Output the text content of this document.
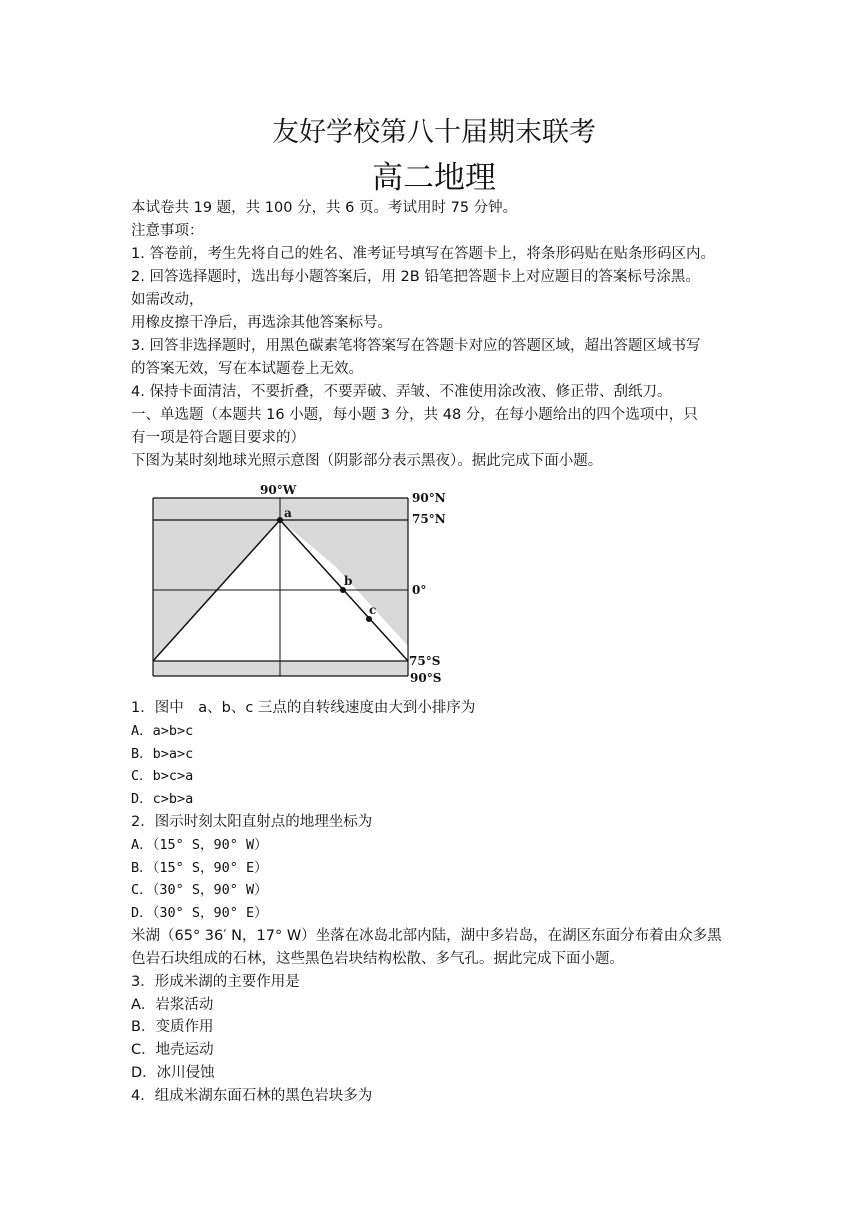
友好学校第八十届期末联考
高二地理
本试卷共 19 题，共 100 分，共 6 页。考试用时 75 分钟。
注意事项：
1. 答卷前，考生先将自己的姓名、准考证号填写在答题卡上，将条形码贴在贴条形码区内。
2. 回答选择题时，选出每小题答案后，用 2B 铅笔把答题卡上对应题目的答案标号涂黑。
如需改动，
用橡皮擦干净后，再选涂其他答案标号。
3. 回答非选择题时，用黑色碳素笔将答案写在答题卡对应的答题区域，超出答题区域书写
的答案无效，写在本试题卷上无效。
4. 保持卡面清洁，不要折叠，不要弄破、弄皱、不准使用涂改液、修正带、刮纸刀。
一、单选题（本题共 16 小题，每小题 3 分，共 48 分，在每小题给出的四个选项中，只
有一项是符合题目要求的）
下图为某时刻地球光照示意图（阴影部分表示黑夜）。据此完成下面小题。
a
b
c
90°W
90°N
75°N
0°
75°S
90°S
1．图中　a、b、c 三点的自转线速度由大到小排序为
A．a>b>c
B．b>a>c
C．b>c>a
D．c>b>a
2．图示时刻太阳直射点的地理坐标为
A．（15° S，90° W）
B．（15° S，90° E）
C．（30° S，90° W）
D．（30° S，90° E）
米湖（65° 36′ N，17° W）坐落在冰岛北部内陆，湖中多岩岛，在湖区东面分布着由众多黑
色岩石块组成的石林，这些黑色岩块结构松散、多气孔。据此完成下面小题。
3．形成米湖的主要作用是
A．岩浆活动
B．变质作用
C．地壳运动
D．冰川侵蚀
4．组成米湖东面石林的黑色岩块多为
